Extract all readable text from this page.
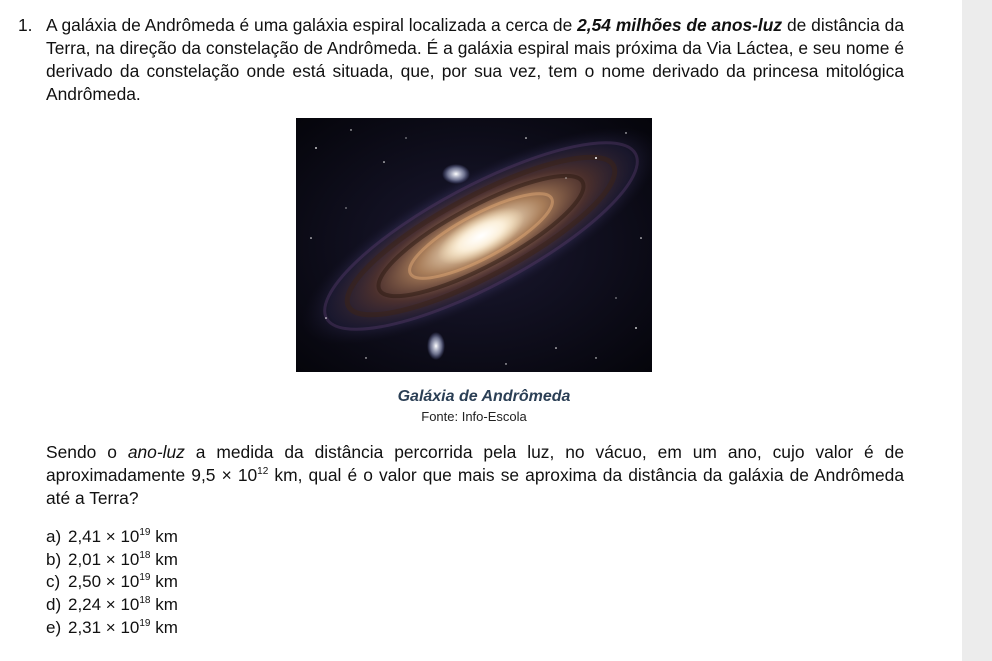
1. A galáxia de Andrômeda é uma galáxia espiral localizada a cerca de 2,54 milhões de anos-luz de distância da Terra, na direção da constelação de Andrômeda. É a galáxia espiral mais próxima da Via Láctea, e seu nome é derivado da constelação onde está situada, que, por sua vez, tem o nome derivado da princesa mitológica Andrômeda.

Galáxia de Andrômeda

Fonte: Info-Escola

Sendo o ano-luz a medida da distância percorrida pela luz, no vácuo, em um ano, cujo valor é de aproximadamente $9,5 \times 10^{12}$ km, qual é o valor que mais se aproxima da distância da galáxia de Andrômeda até a Terra?

a) $2,41 \times 10^{19}$ km
b) $2,01 \times 10^{18}$ km
c) $2,50 \times 10^{19}$ km
d) $2,24 \times 10^{18}$ km
e) $2,31 \times 10^{19}$ km
